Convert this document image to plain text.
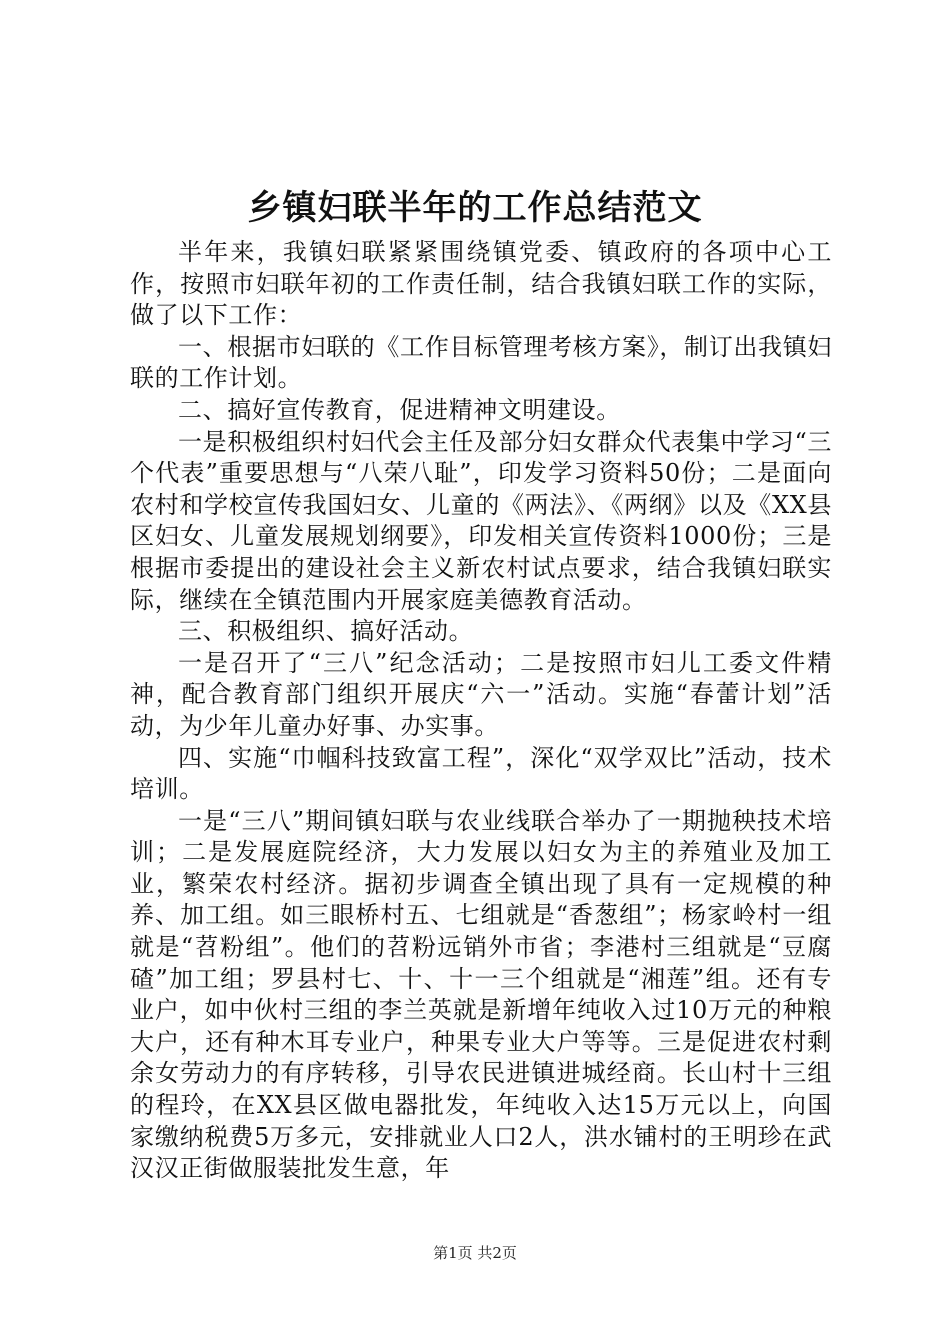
乡镇妇联半年的工作总结范文

半年来，我镇妇联紧紧围绕镇党委、镇政府的各项中心工作，按照市妇联年初的工作责任制，结合我镇妇联工作的实际，做了以下工作：

一、根据市妇联的《工作目标管理考核方案》，制订出我镇妇联的工作计划。

二、搞好宣传教育，促进精神文明建设。

一是积极组织村妇代会主任及部分妇女群众代表集中学习“三个代表”重要思想与“八荣八耻”，印发学习资料50份；二是面向农村和学校宣传我国妇女、儿童的《两法》、《两纲》以及《XX县区妇女、儿童发展规划纲要》，印发相关宣传资料1000份；三是根据市委提出的建设社会主义新农村试点要求，结合我镇妇联实际，继续在全镇范围内开展家庭美德教育活动。

三、积极组织、搞好活动。

一是召开了“三八”纪念活动；二是按照市妇儿工委文件精神，配合教育部门组织开展庆“六一”活动。实施“春蕾计划”活动，为少年儿童办好事、办实事。

四、实施“巾帼科技致富工程”，深化“双学双比”活动，技术培训。

一是“三八”期间镇妇联与农业线联合举办了一期抛秧技术培训；二是发展庭院经济，大力发展以妇女为主的养殖业及加工业，繁荣农村经济。据初步调查全镇出现了具有一定规模的种养、加工组。如三眼桥村五、七组就是“香葱组”；杨家岭村一组就是“苕粉组”。他们的苕粉远销外市省；李港村三组就是“豆腐碴”加工组；罗县村七、十、十一三个组就是“湘莲”组。还有专业户，如中伙村三组的李兰英就是新增年纯收入过10万元的种粮大户，还有种木耳专业户，种果专业大户等等。三是促进农村剩余女劳动力的有序转移，引导农民进镇进城经商。长山村十三组的程玲，在XX县区做电器批发，年纯收入达15万元以上，向国家缴纳税费5万多元，安排就业人口2人，洪水铺村的王明珍在武汉汉正街做服装批发生意，年

第1页 共2页
